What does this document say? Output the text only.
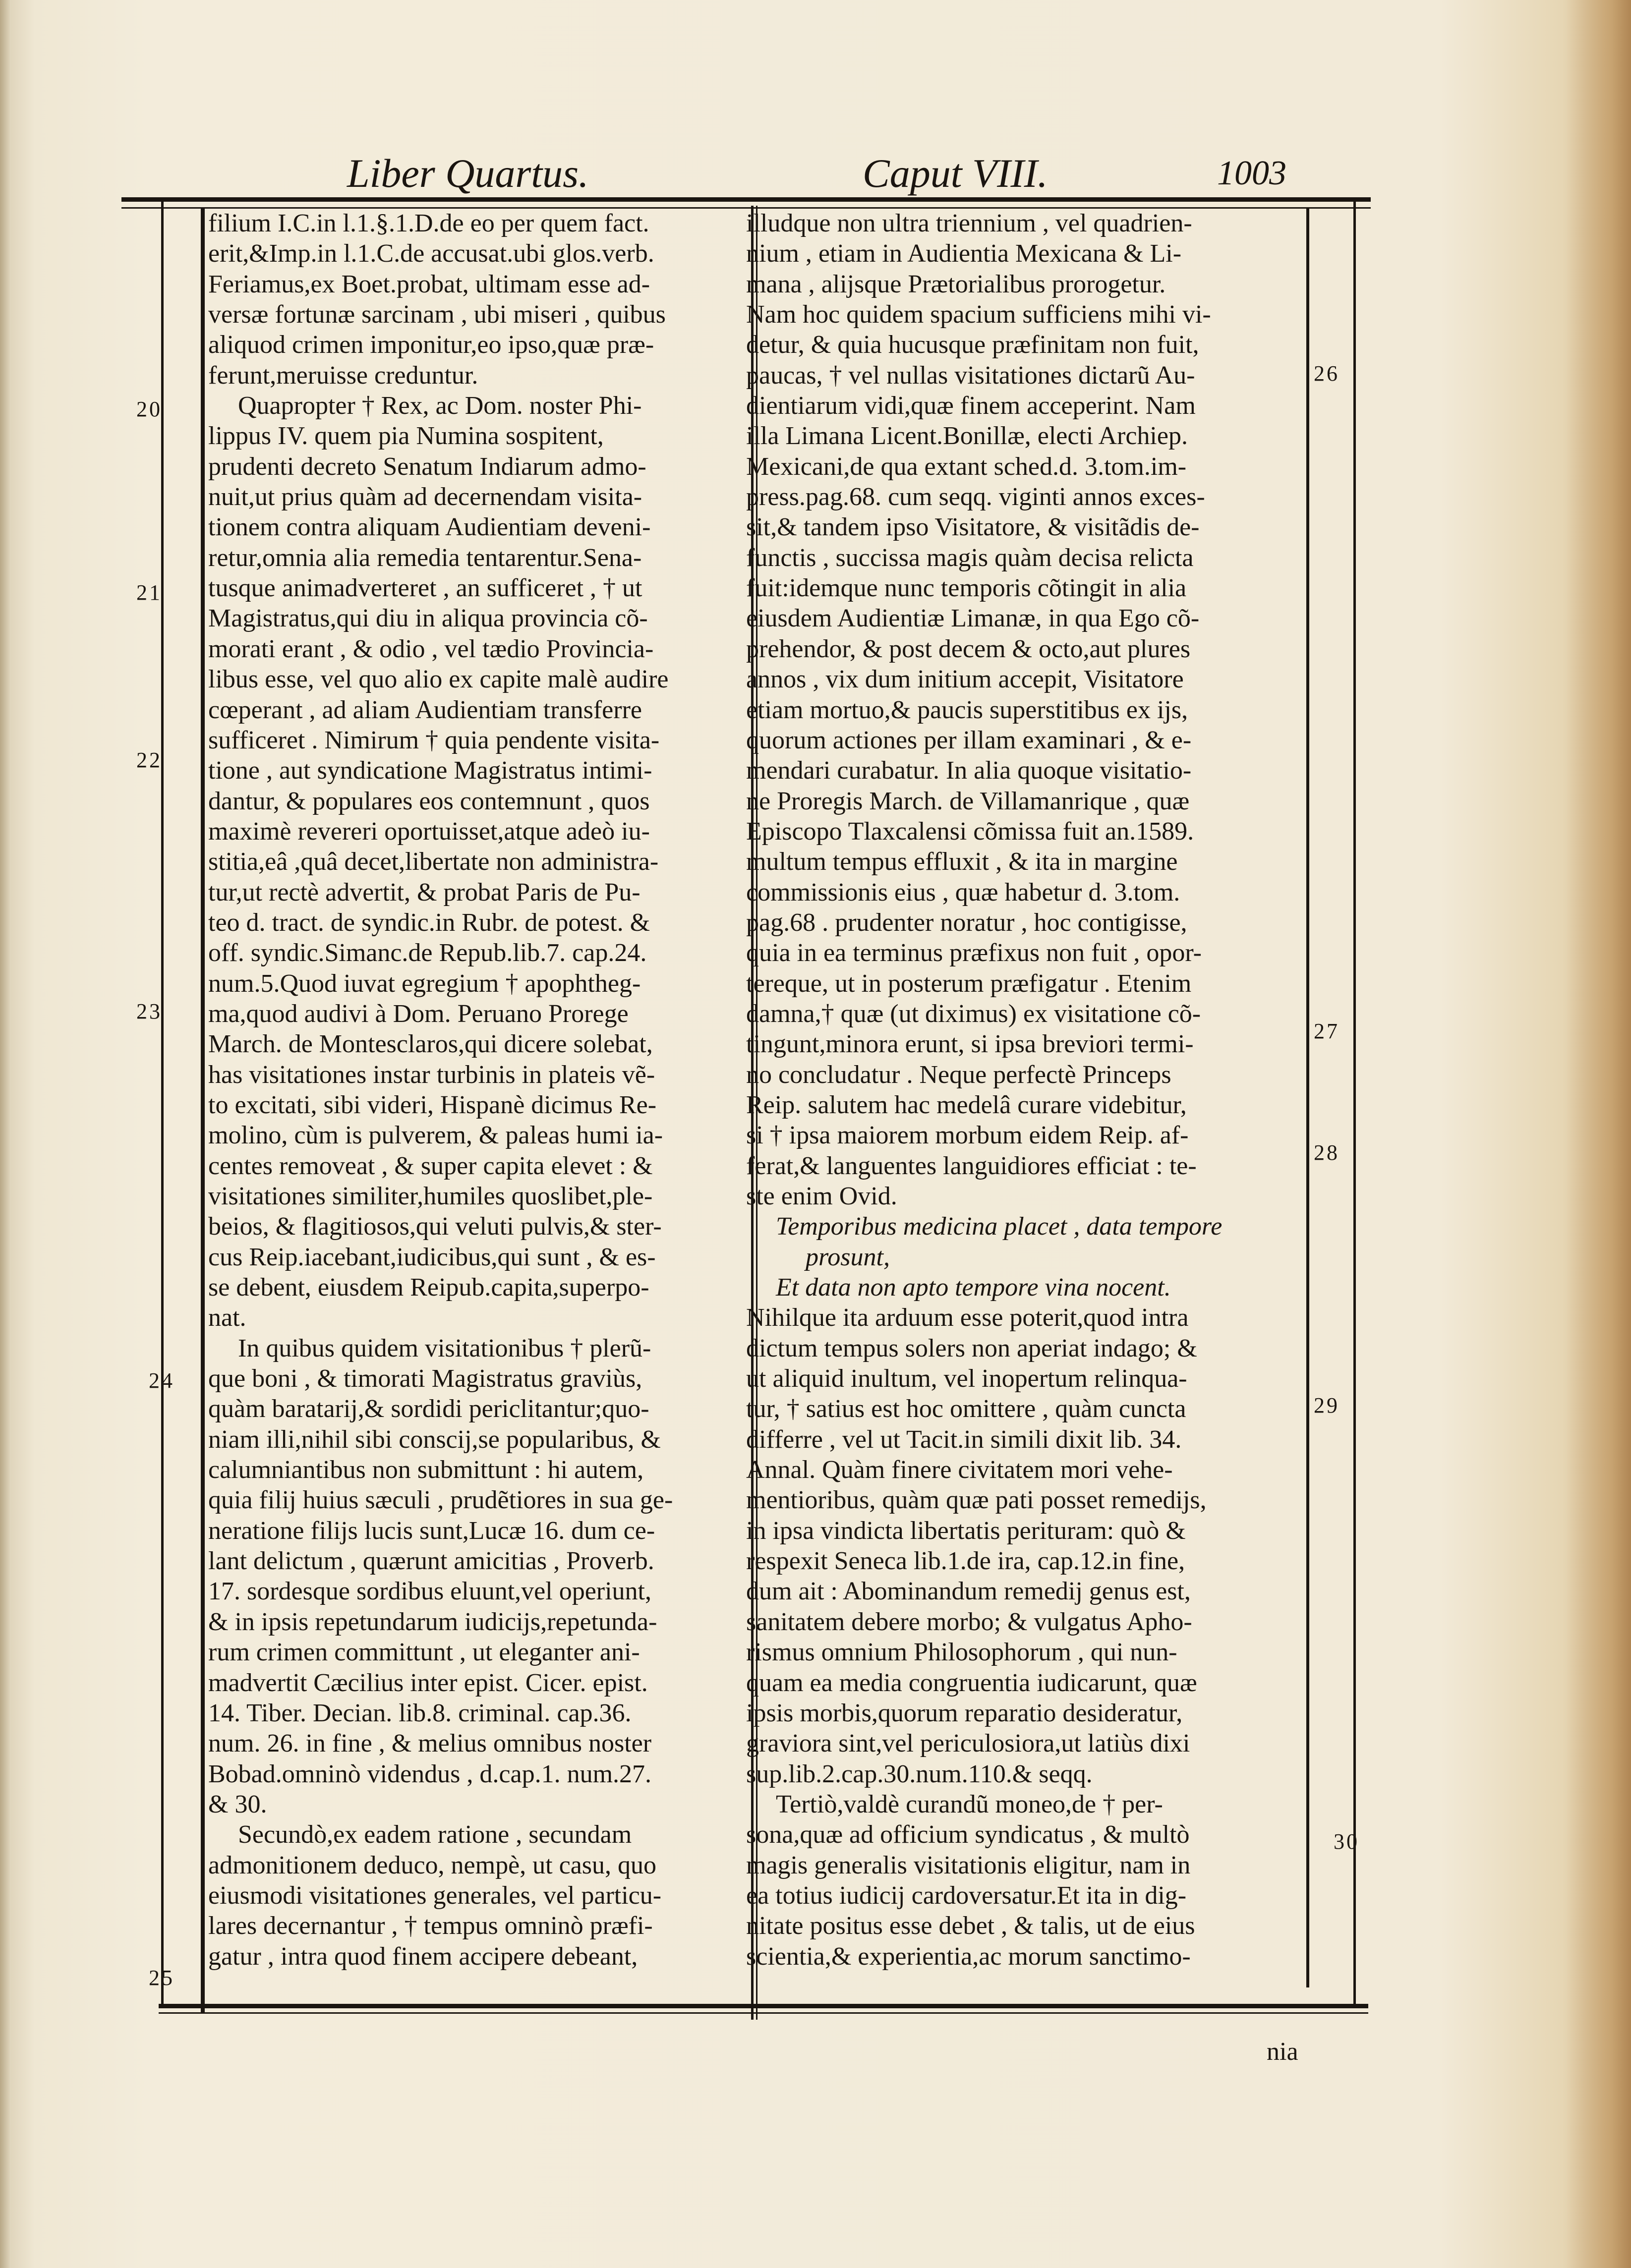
Liber Quartus.	Caput VIII.	1003
filium I.C.in l.1.§.1.D.de eo per quem fact.
erit,&Imp.in l.1.C.de accusat.ubi glos.verb.
Feriamus,ex Boet.probat, ultimam esse ad-
versæ fortunæ sarcinam , ubi miseri , quibus
aliquod crimen imponitur,eo ipso,quæ præ-
ferunt,meruisse creduntur.
Quapropter † Rex, ac Dom. noster Phi-
lippus IV. quem pia Numina sospitent,
prudenti decreto Senatum Indiarum admo-
nuit,ut prius quàm ad decernendam visita-
tionem contra aliquam Audientiam deveni-
retur,omnia alia remedia tentarentur.Sena-
tusque animadverteret , an sufficeret , † ut
Magistratus,qui diu in aliqua provincia cõ-
morati erant , & odio , vel tædio Provincia-
libus esse, vel quo alio ex capite malè audire
cœperant , ad aliam Audientiam transferre
sufficeret . Nimirum † quia pendente visita-
tione , aut syndicatione Magistratus intimi-
dantur, & populares eos contemnunt , quos
maximè revereri oportuisset,atque adeò iu-
stitia,eâ ,quâ decet,libertate non administra-
tur,ut rectè advertit, & probat Paris de Pu-
teo d. tract. de syndic.in Rubr. de potest. &
off. syndic.Simanc.de Repub.lib.7. cap.24.
num.5.Quod iuvat egregium † apophtheg-
ma,quod audivi à Dom. Peruano Prorege
March. de Montesclaros,qui dicere solebat,
has visitationes instar turbinis in plateis vẽ-
to excitati, sibi videri, Hispanè dicimus Re-
molino, cùm is pulverem, & paleas humi ia-
centes removeat , & super capita elevet : &
visitationes similiter,humiles quoslibet,ple-
beios, & flagitiosos,qui veluti pulvis,& ster-
cus Reip.iacebant,iudicibus,qui sunt , & es-
se debent, eiusdem Reipub.capita,superpo-
nat.
In quibus quidem visitationibus † plerũ-
que boni , & timorati Magistratus graviùs,
quàm baratarij,& sordidi periclitantur;quo-
niam illi,nihil sibi conscij,se popularibus, &
calumniantibus non submittunt : hi autem,
quia filij huius sæculi , prudẽtiores in sua ge-
neratione filijs lucis sunt,Lucæ 16. dum ce-
lant delictum , quærunt amicitias , Proverb.
17. sordesque sordibus eluunt,vel operiunt,
& in ipsis repetundarum iudicijs,repetunda-
rum crimen committunt , ut eleganter ani-
madvertit Cæcilius inter epist. Cicer. epist.
14. Tiber. Decian. lib.8. criminal. cap.36.
num. 26. in fine , & melius omnibus noster
Bobad.omninò videndus , d.cap.1. num.27.
& 30.
Secundò,ex eadem ratione , secundam
admonitionem deduco, nempè, ut casu, quo
eiusmodi visitationes generales, vel particu-
lares decernantur , † tempus omninò præfi-
gatur , intra quod finem accipere debeant,
illudque non ultra triennium , vel quadrien-
nium , etiam in Audientia Mexicana & Li-
mana , alijsque Prætorialibus prorogetur.
Nam hoc quidem spacium sufficiens mihi vi-
detur, & quia hucusque præfinitam non fuit,
paucas, † vel nullas visitationes dictarũ Au-
dientiarum vidi,quæ finem acceperint. Nam
illa Limana Licent.Bonillæ, electi Archiep.
Mexicani,de qua extant sched.d. 3.tom.im-
press.pag.68. cum seqq. viginti annos exces-
sit,& tandem ipso Visitatore, & visitãdis de-
functis , succissa magis quàm decisa relicta
fuit:idemque nunc temporis cõtingit in alia
eiusdem Audientiæ Limanæ, in qua Ego cõ-
prehendor, & post decem & octo,aut plures
annos , vix dum initium accepit, Visitatore
etiam mortuo,& paucis superstitibus ex ijs,
quorum actiones per illam examinari , & e-
mendari curabatur. In alia quoque visitatio-
ne Proregis March. de Villamanrique , quæ
Episcopo Tlaxcalensi cõmissa fuit an.1589.
multum tempus effluxit , & ita in margine
commissionis eius , quæ habetur d. 3.tom.
pag.68 . prudenter noratur , hoc contigisse,
quia in ea terminus præfixus non fuit , opor-
tereque, ut in posterum præfigatur . Etenim
damna,† quæ (ut diximus) ex visitatione cõ-
tingunt,minora erunt, si ipsa breviori termi-
no concludatur . Neque perfectè Princeps
Reip. salutem hac medelâ curare videbitur,
si † ipsa maiorem morbum eidem Reip. af-
ferat,& languentes languidiores efficiat : te-
ste enim Ovid.
Temporibus medicina placet , data tempore
prosunt,
Et data non apto tempore vina nocent.
Nihilque ita arduum esse poterit,quod intra
dictum tempus solers non aperiat indago; &
ut aliquid inultum, vel inopertum relinqua-
tur, † satius est hoc omittere , quàm cuncta
differre , vel ut Tacit.in simili dixit lib. 34.
Annal. Quàm finere civitatem mori vehe-
mentioribus, quàm quæ pati posset remedijs,
in ipsa vindicta libertatis perituram: quò &
respexit Seneca lib.1.de ira, cap.12.in fine,
dum ait : Abominandum remedij genus est,
sanitatem debere morbo; & vulgatus Apho-
rismus omnium Philosophorum , qui nun-
quam ea media congruentia iudicarunt, quæ
ipsis morbis,quorum reparatio desideratur,
graviora sint,vel periculosiora,ut latiùs dixi
sup.lib.2.cap.30.num.110.& seqq.
Tertiò,valdè curandũ moneo,de † per-
sona,quæ ad officium syndicatus , & multò
magis generalis visitationis eligitur, nam in
ea totius iudicij cardoversatur.Et ita in dig-
nitate positus esse debet , & talis, ut de eius
scientia,& experientia,ac morum sanctimo-
20
21
22
23
24
25
26
27
28
29
30
nia
